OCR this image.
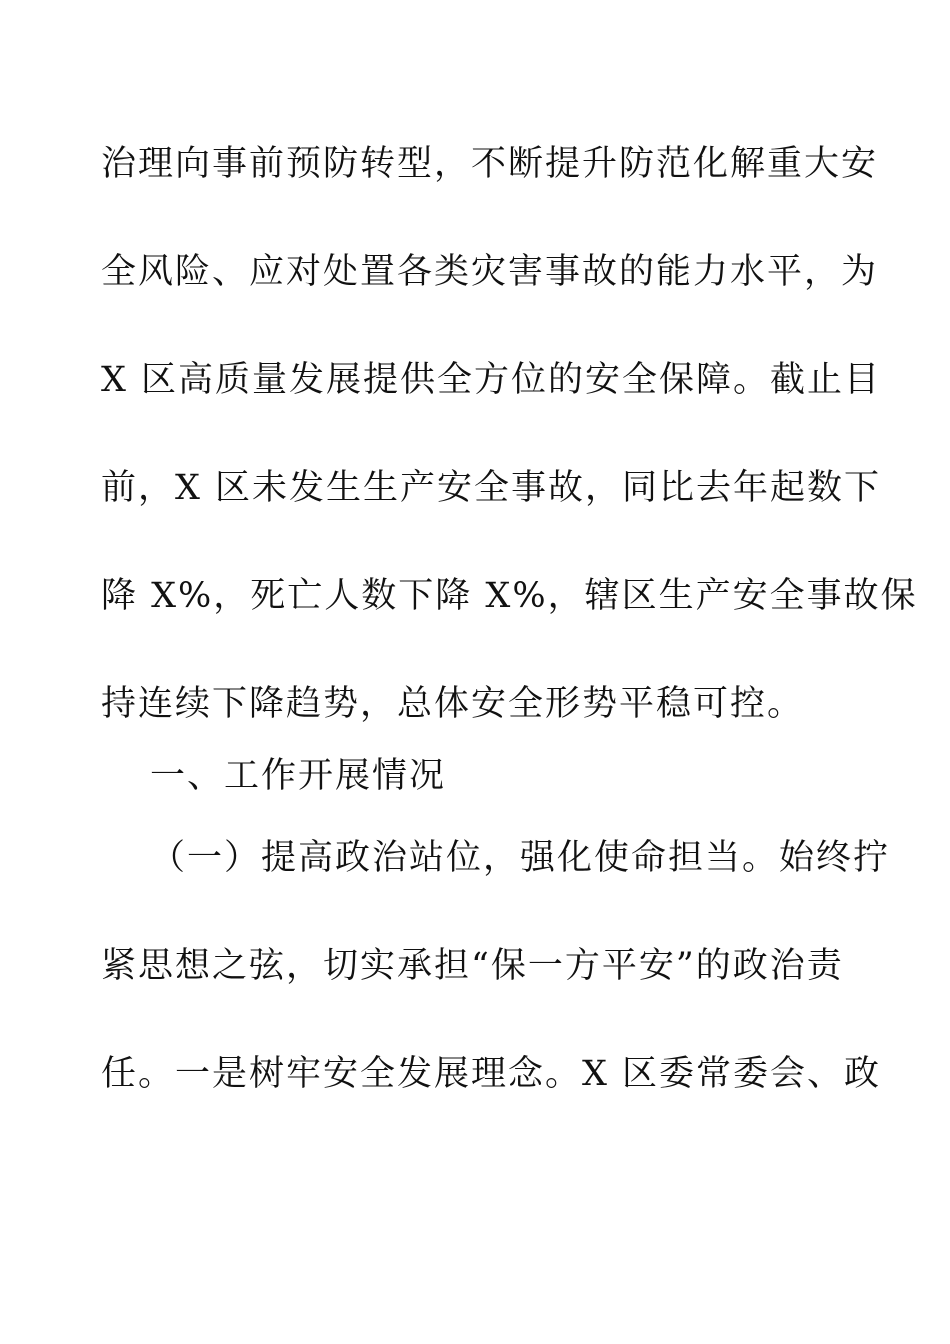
治理向事前预防转型，不断提升防范化解重大安
全风险、应对处置各类灾害事故的能力水平，为
X 区高质量发展提供全方位的安全保障。截止目
前，X 区未发生生产安全事故，同比去年起数下
降 X%，死亡人数下降 X%，辖区生产安全事故保
持连续下降趋势，总体安全形势平稳可控。
一、工作开展情况
（一）提高政治站位，强化使命担当。始终拧
紧思想之弦，切实承担“保一方平安”的政治责
任。一是树牢安全发展理念。X 区委常委会、政
